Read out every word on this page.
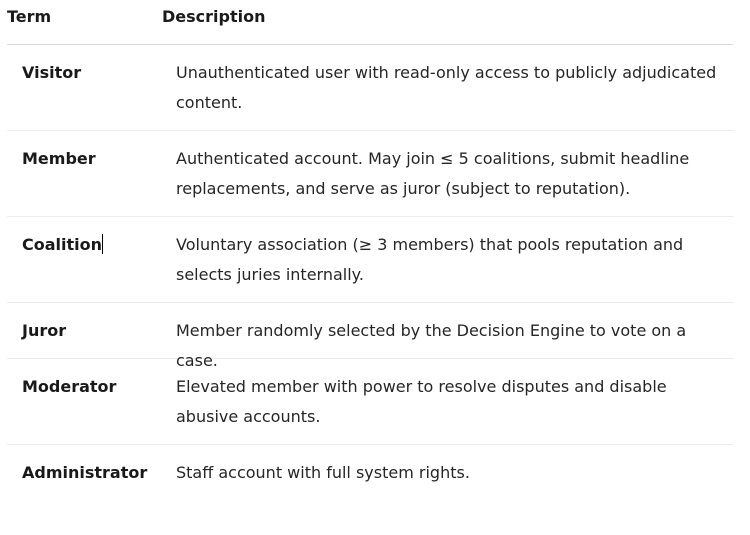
Term	Description
Visitor	Unauthenticated user with read-only access to publicly adjudicated content.
Member	Authenticated account. May join ≤ 5 coalitions, submit headline replacements, and serve as juror (subject to reputation).
Coalition	Voluntary association (≥ 3 members) that pools reputation and selects juries internally.
Juror	Member randomly selected by the Decision Engine to vote on a case.
Moderator	Elevated member with power to resolve disputes and disable abusive accounts.
Administrator	Staff account with full system rights.
